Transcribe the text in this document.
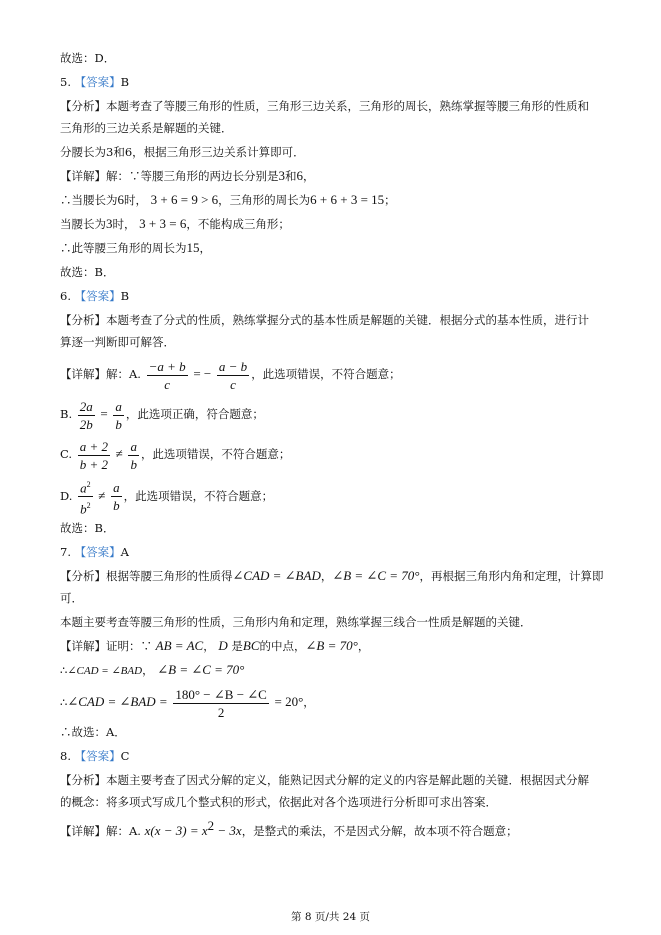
故选：D．
5. 【答案】B
【分析】本题考查了等腰三角形的性质，三角形三边关系，三角形的周长，熟练掌握等腰三角形的性质和
三角形的三边关系是解题的关键．
分腰长为3和6，根据三角形三边关系计算即可．
【详解】解：∵等腰三角形的两边长分别是3和6，
∴当腰长为6时， 3 + 6 = 9 > 6，三角形的周长为6 + 6 + 3 = 15；
当腰长为3时， 3 + 3 = 6，不能构成三角形；
∴此等腰三角形的周长为15，
故选：B．
6. 【答案】B
【分析】本题考查了分式的性质，熟练掌握分式的基本性质是解题的关键．根据分式的基本性质，进行计
算逐一判断即可解答．
【详解】解：A. $\frac{-a + b}{c}$ = − $\frac{a - b}{c}$ ，此选项错误，不符合题意；
B. $\frac{2a}{2b} = \frac{a}{b}$ ，此选项正确，符合题意；
C. $\frac{a + 2}{b + 2} \ne \frac{a}{b}$ ，此选项错误，不符合题意；
D. $\frac{a^2}{b^2} \ne \frac{a}{b}$ ，此选项错误，不符合题意；
故选：B．
7. 【答案】A
【分析】根据等腰三角形的性质得∠CAD = ∠BAD，∠B = ∠C = 70°，再根据三角形内角和定理，计算即
可．
本题主要考查等腰三角形的性质，三角形内角和定理，熟练掌握三线合一性质是解题的关键．
【详解】证明：∵ AB = AC， D 是BC的中点，∠B = 70°，
∴∠CAD = ∠BAD， ∠B = ∠C = 70°
∴∠CAD = ∠BAD = $\frac{180^\circ - \angle B - \angle C}{2} = 20^\circ$，
∴故选：A．
8. 【答案】C
【分析】本题主要考查了因式分解的定义，能熟记因式分解的定义的内容是解此题的关键．根据因式分解
的概念：将多项式写成几个整式积的形式，依据此对各个选项进行分析即可求出答案．
【详解】解：A. $x(x - 3) = x^2 - 3x$，是整式的乘法，不是因式分解，故本项不符合题意；
第 8 页/共 24 页
